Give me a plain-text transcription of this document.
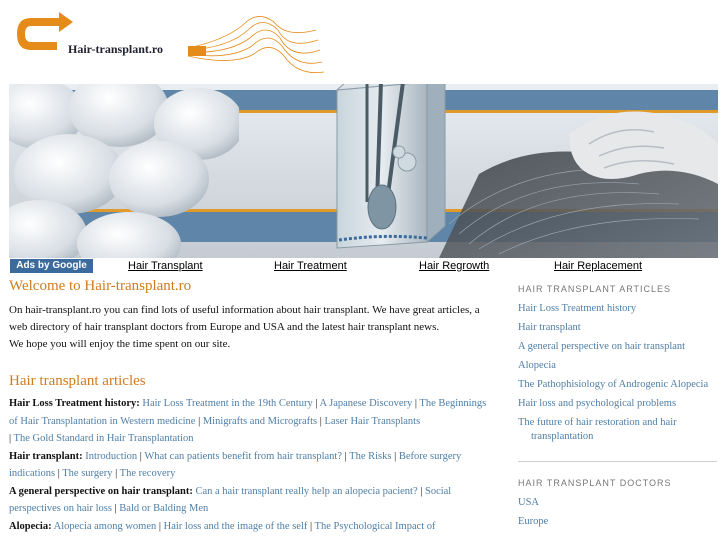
Hair-transplant.ro
Ads by Google	Hair Transplant	Hair Treatment	Hair Regrowth	Hair Replacement
Welcome to Hair-transplant.ro

On hair-transplant.ro you can find lots of useful information about hair transplant. We have great articles, a web directory of hair transplant doctors from Europe and USA and the latest hair transplant news.
We hope you will enjoy the time spent on our site.

Hair transplant articles
Hair Loss Treatment history: Hair Loss Treatment in the 19th Century | A Japanese Discovery | The Beginnings of Hair Transplantation in Western medicine | Minigrafts and Micrografts | Laser Hair Transplants
| The Gold Standard in Hair Transplantation
Hair transplant: Introduction | What can patients benefit from hair transplant? | The Risks | Before surgery indications | The surgery | The recovery
A general perspective on hair transplant: Can a hair transplant really help an alopecia pacient? | Social perspectives on hair loss | Bald or Balding Men
Alopecia: Alopecia among women | Hair loss and the image of the self | The Psychological Impact of
HAIR TRANSPLANT ARTICLES
Hair Loss Treatment history
Hair transplant
A general perspective on hair transplant
Alopecia
The Pathophisiology of Androgenic Alopecia
Hair loss and psychological problems
The future of hair restoration and hair
transplantation
HAIR TRANSPLANT DOCTORS
USA
Europe
